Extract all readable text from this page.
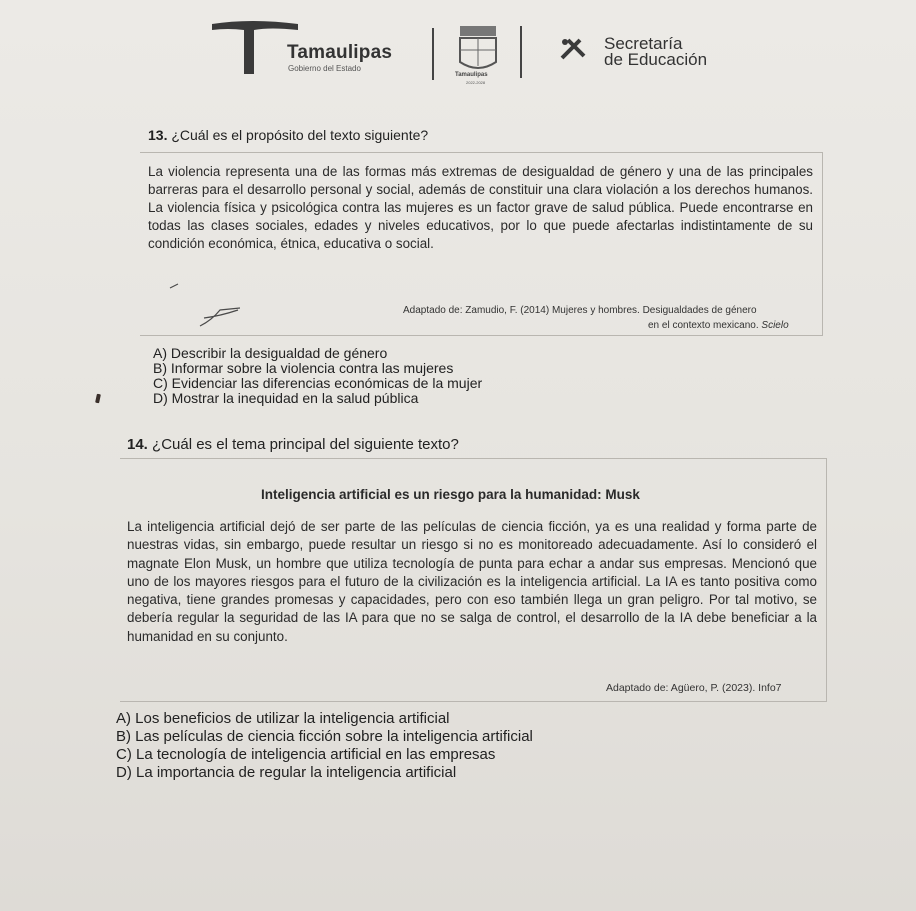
Tamaulipas
Gobierno del Estado
Tamaulipas
2022-2028
Secretaría
de Educación
13. ¿Cuál es el propósito del texto siguiente?
La violencia representa una de las formas más extremas de desigualdad de género y una de las principales barreras para el desarrollo personal y social, además de constituir una clara violación a los derechos humanos. La violencia física y psicológica contra las mujeres es un factor grave de salud pública. Puede encontrarse en todas las clases sociales, edades y niveles educativos, por lo que puede afectarlas indistintamente de su condición económica, étnica, educativa o social.
Adaptado de: Zamudio, F. (2014) Mujeres y hombres. Desigualdades de género
en el contexto mexicano. Scielo
A) Describir la desigualdad de género
B) Informar sobre la violencia contra las mujeres
C) Evidenciar las diferencias económicas de la mujer
D) Mostrar la inequidad en la salud pública
14. ¿Cuál es el tema principal del siguiente texto?
Inteligencia artificial es un riesgo para la humanidad: Musk
La inteligencia artificial dejó de ser parte de las películas de ciencia ficción, ya es una realidad y forma parte de nuestras vidas, sin embargo, puede resultar un riesgo si no es monitoreado adecuadamente. Así lo consideró el magnate Elon Musk, un hombre que utiliza tecnología de punta para echar a andar sus empresas. Mencionó que uno de los mayores riesgos para el futuro de la civilización es la inteligencia artificial. La IA es tanto positiva como negativa, tiene grandes promesas y capacidades, pero con eso también llega un gran peligro. Por tal motivo, se debería regular la seguridad de las IA para que no se salga de control, el desarrollo de la IA debe beneficiar a la humanidad en su conjunto.
Adaptado de: Agüero, P. (2023). Info7
A) Los beneficios de utilizar la inteligencia artificial
B) Las películas de ciencia ficción sobre la inteligencia artificial
C) La tecnología de inteligencia artificial en las empresas
D) La importancia de regular la inteligencia artificial
